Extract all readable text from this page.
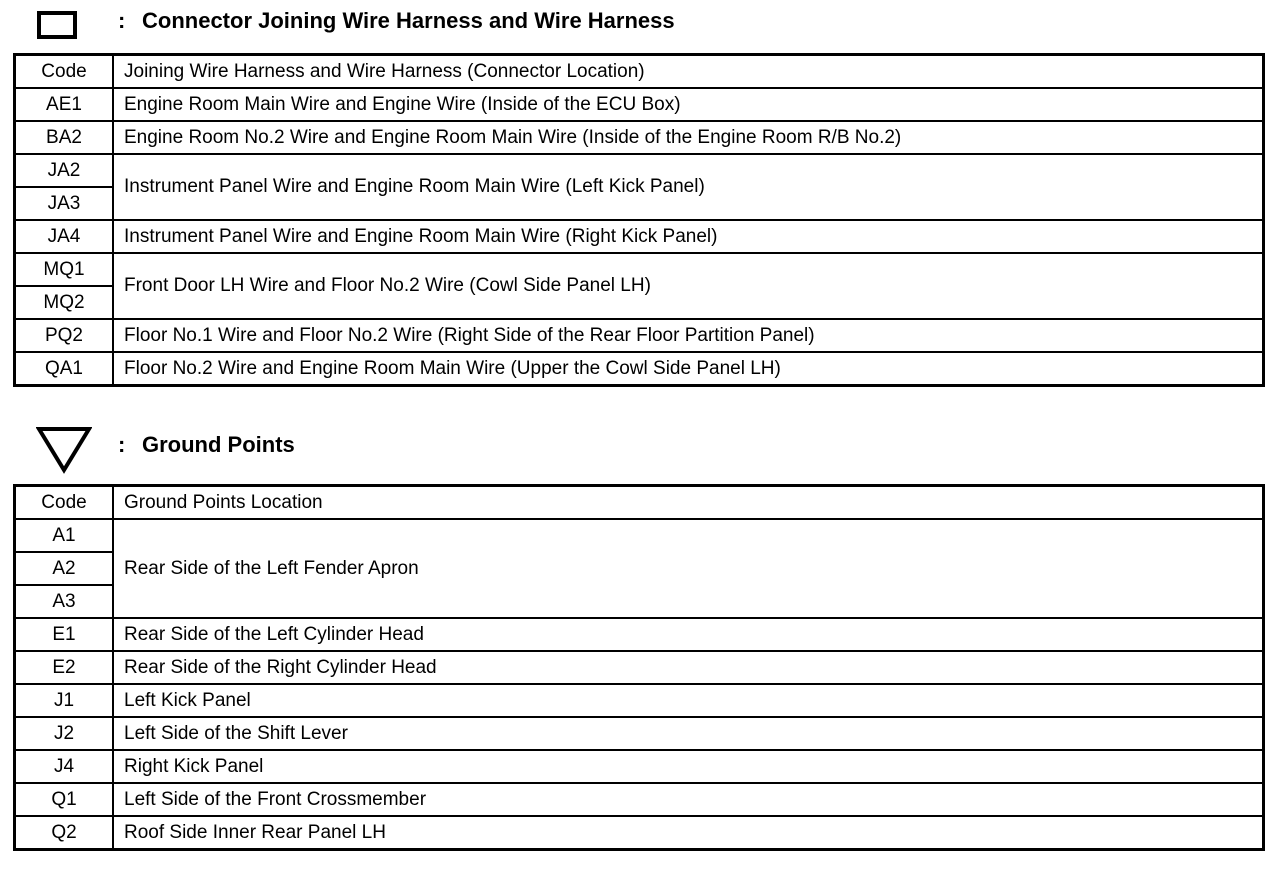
: Connector Joining Wire Harness and Wire Harness
Code	Joining Wire Harness and Wire Harness (Connector Location)
AE1	Engine Room Main Wire and Engine Wire (Inside of the ECU Box)
BA2	Engine Room No.2 Wire and Engine Room Main Wire (Inside of the Engine Room R/B No.2)
JA2	Instrument Panel Wire and Engine Room Main Wire (Left Kick Panel)
JA3	
JA4	Instrument Panel Wire and Engine Room Main Wire (Right Kick Panel)
MQ1	Front Door LH Wire and Floor No.2 Wire (Cowl Side Panel LH)
MQ2	
PQ2	Floor No.1 Wire and Floor No.2 Wire (Right Side of the Rear Floor Partition Panel)
QA1	Floor No.2 Wire and Engine Room Main Wire (Upper the Cowl Side Panel LH)
: Ground Points
Code	Ground Points Location
A1	Rear Side of the Left Fender Apron
A2	
A3	
E1	Rear Side of the Left Cylinder Head
E2	Rear Side of the Right Cylinder Head
J1	Left Kick Panel
J2	Left Side of the Shift Lever
J4	Right Kick Panel
Q1	Left Side of the Front Crossmember
Q2	Roof Side Inner Rear Panel LH
